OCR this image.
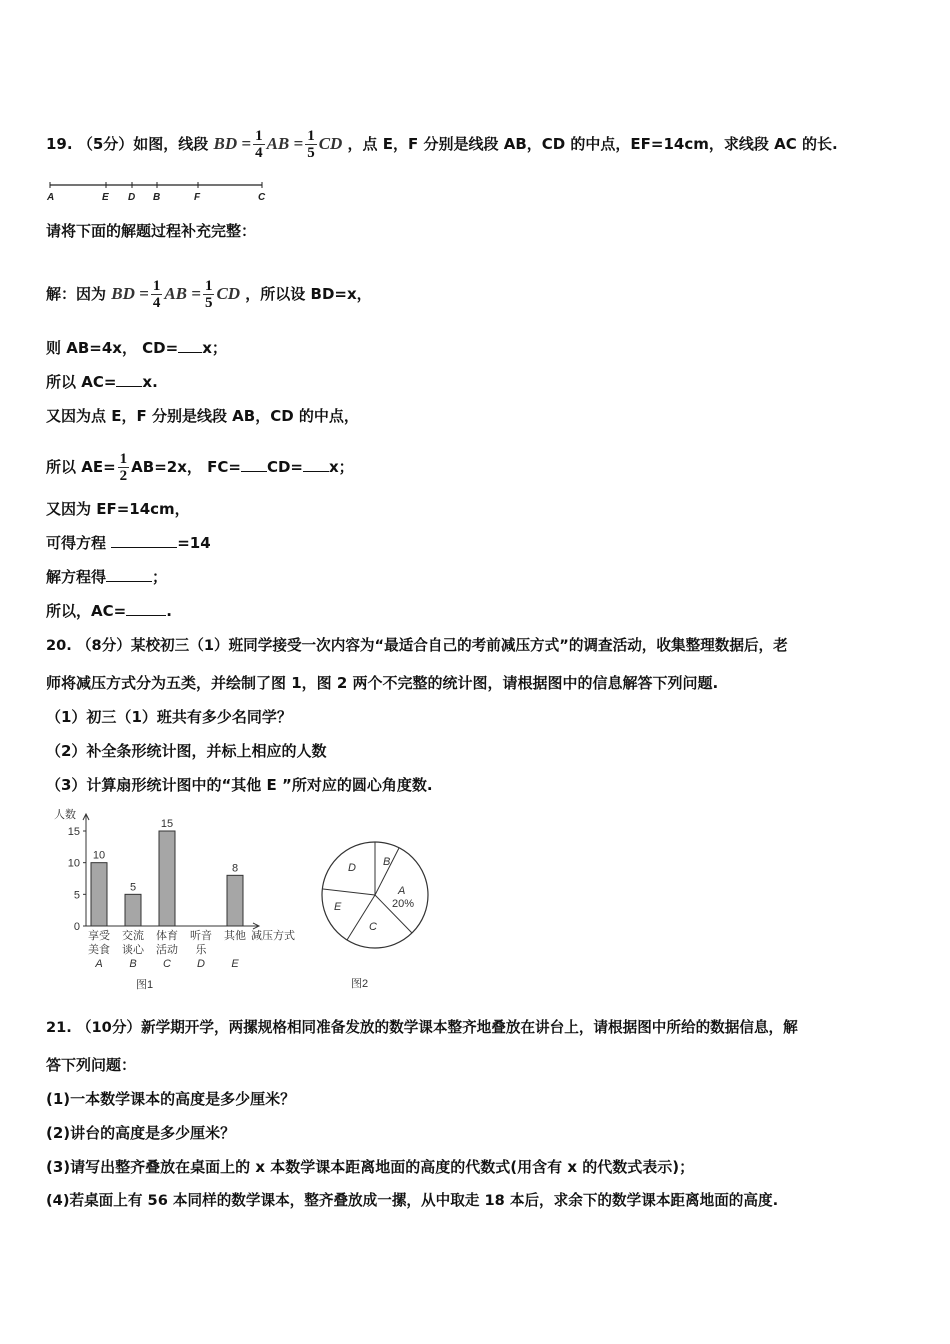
19. （5分）如图，线段 BD = $\frac{1}{4}$ AB = $\frac{1}{5}$ CD ，点 E，F 分别是线段 AB，CD 的中点，EF=14cm，求线段 AC 的长.
A	E D B	F	C
请将下面的解题过程补充完整：
解：因为 BD = $\frac{1}{4}$ AB = $\frac{1}{5}$ CD ，所以设 BD=x，
则 AB=4x， CD= x；
所以 AC= x.
又因为点 E，F 分别是线段 AB，CD 的中点，
所以 $AE= \frac{1}{2} AB=2x$， FC= CD= x；
又因为 EF=14cm，
可得方程	=14
解方程得	；
所以，AC=	.
20. （8分）某校初三（1）班同学接受一次内容为“最适合自己的考前减压方式”的调查活动，收集整理数据后，老
师将减压方式分为五类，并绘制了图 1，图 2 两个不完整的统计图，请根据图中的信息解答下列问题.
（1）初三（1）班共有多少名同学？
（2）补全条形统计图，并标上相应的人数
（3）计算扇形统计图中的“其他 E ”所对应的圆心角度数.
人数
减压方式
0
5
10
15
10
5
15
8
享受
美食
A
交流
谈心
B
体育
活动
C
听音
乐
D
其他
E
图1
B
A
C
D
E	20%
图2
21. （10分）新学期开学，两摞规格相同准备发放的数学课本整齐地叠放在讲台上，请根据图中所给的数据信息，解
答下列问题：
(1)一本数学课本的高度是多少厘米？
(2)讲台的高度是多少厘米？
(3)请写出整齐叠放在桌面上的 x 本数学课本距离地面的高度的代数式(用含有 x 的代数式表示)；
(4)若桌面上有 56 本同样的数学课本，整齐叠放成一摞，从中取走 18 本后，求余下的数学课本距离地面的高度.
